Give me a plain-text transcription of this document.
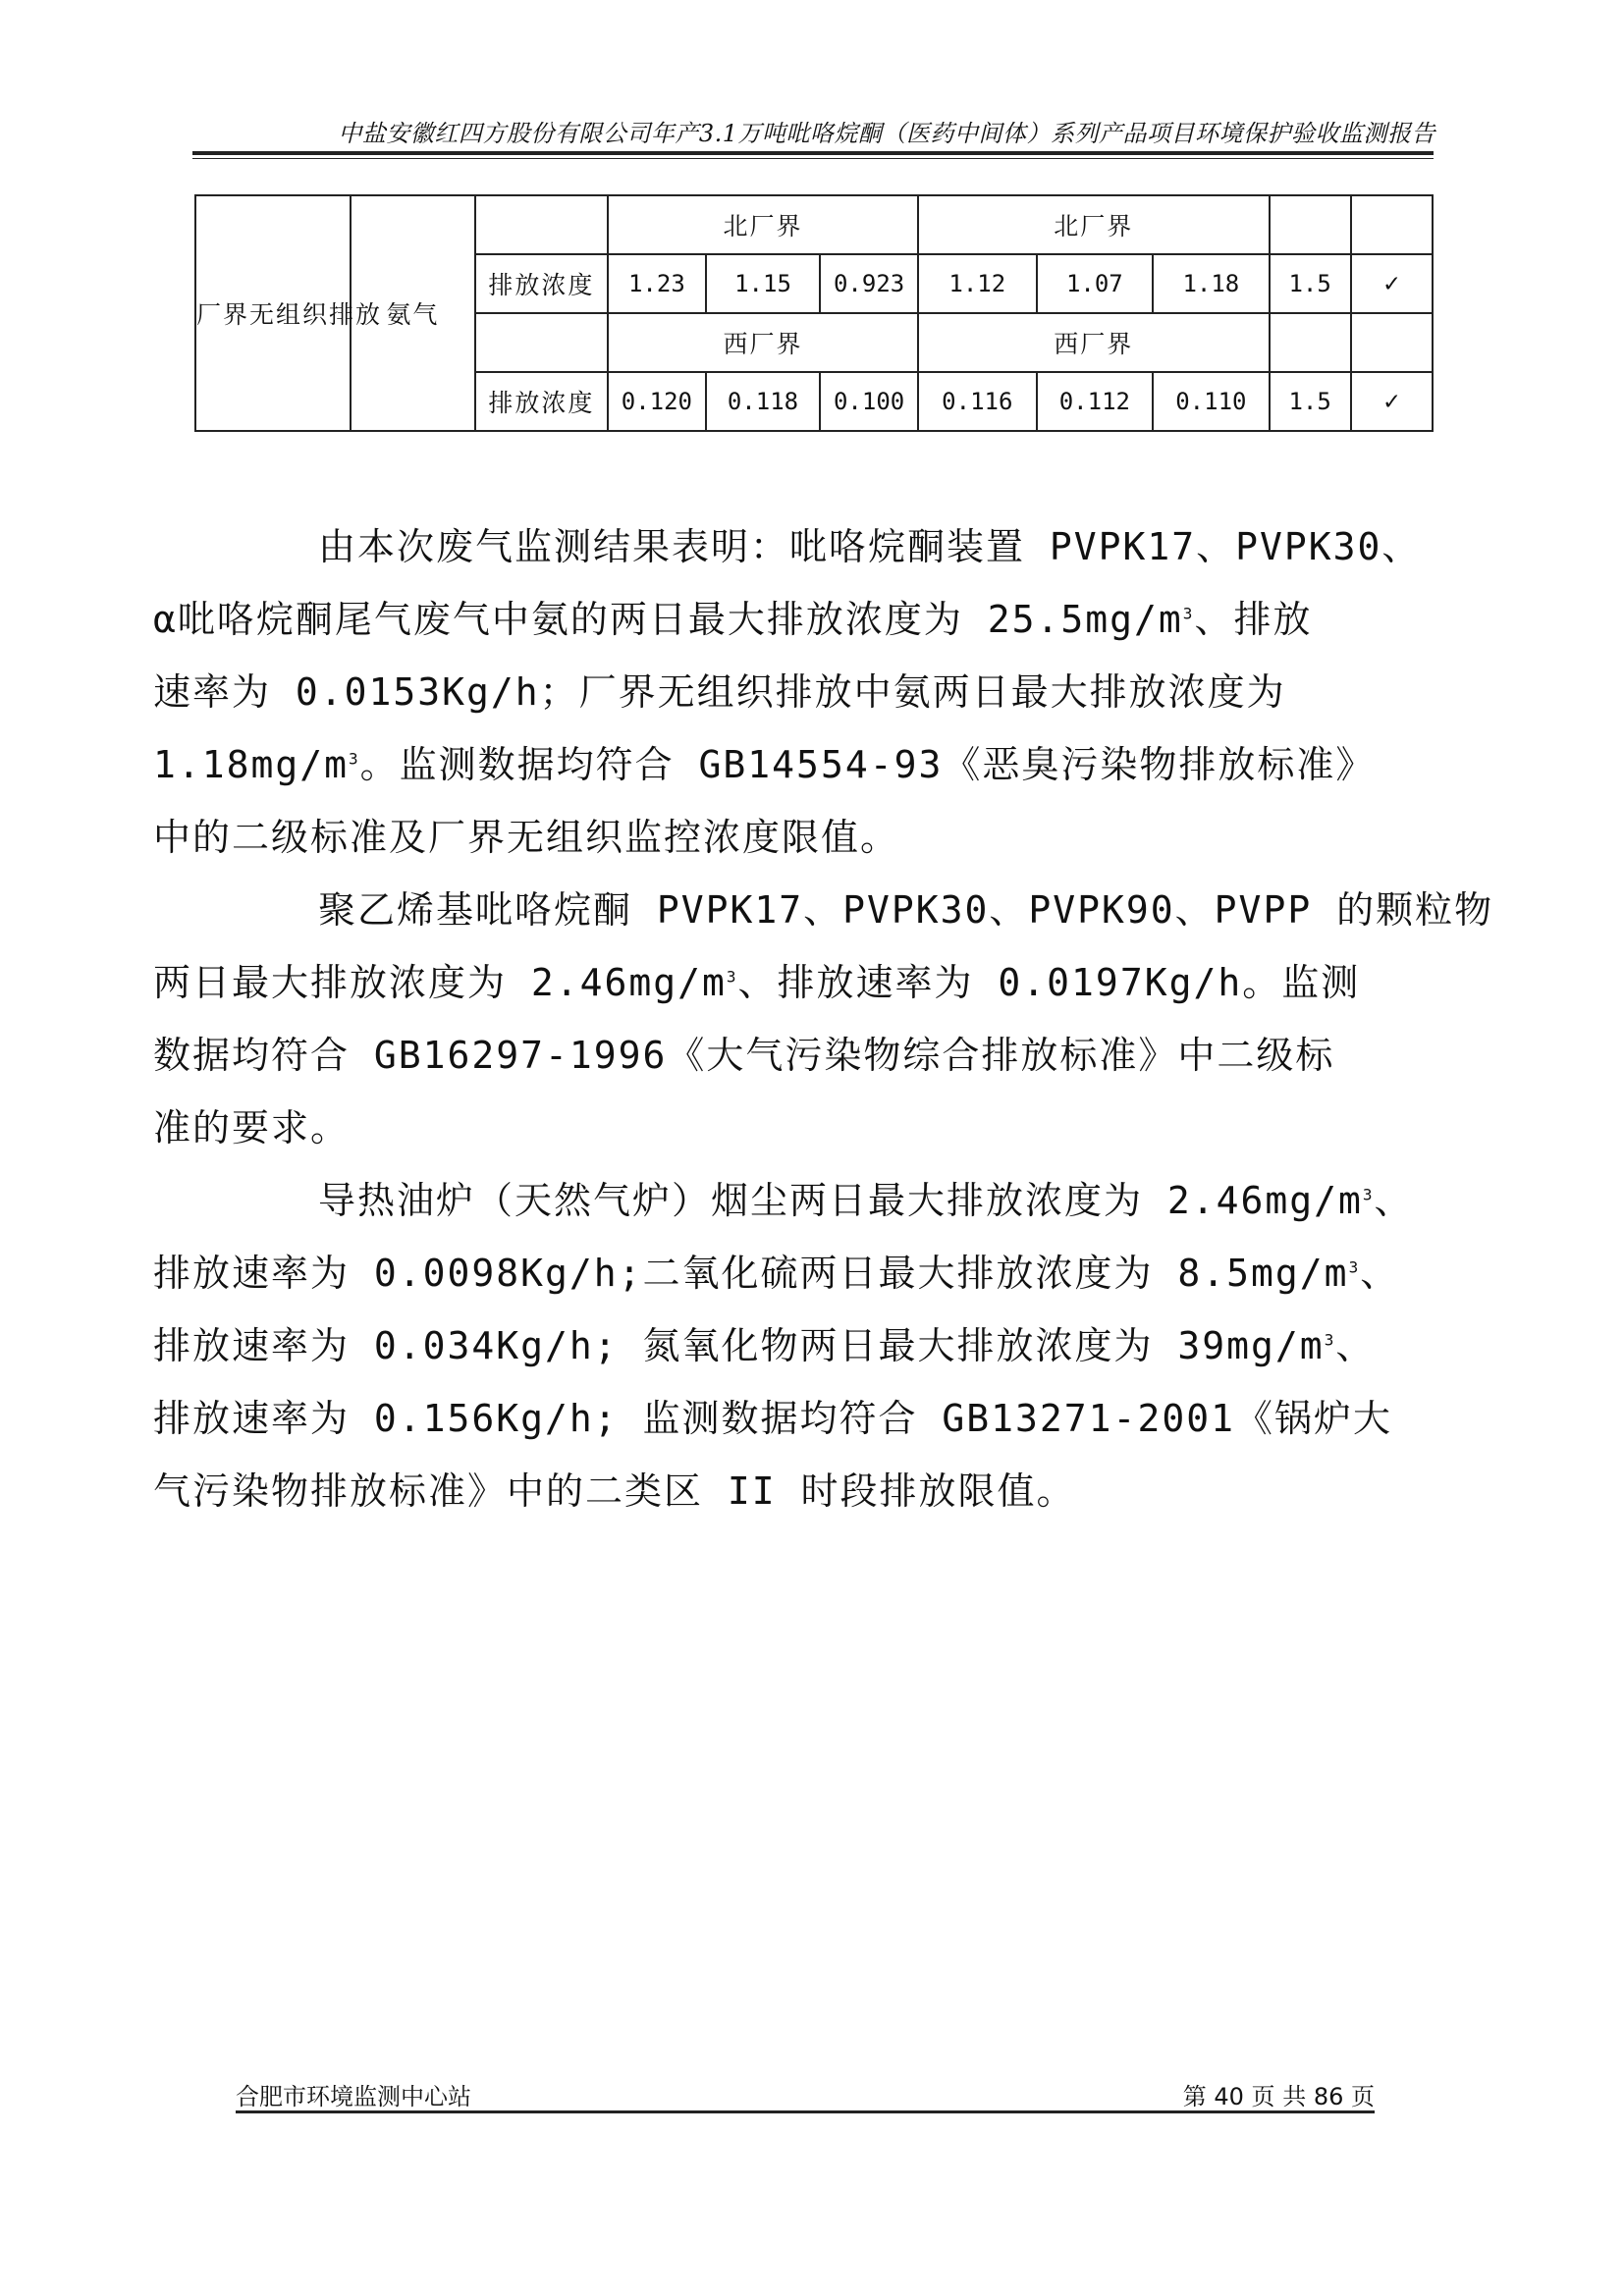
中盐安徽红四方股份有限公司年产3.1万吨吡咯烷酮（医药中间体）系列产品项目环境保护验收监测报告
厂界无组织排放	氨气		北厂界			北厂界				
		排放浓度	1.23	1.15	0.923	1.12	1.07	1.18	1.5	✓
			西厂界			西厂界				
		排放浓度	0.120	0.118	0.100	0.116	0.112	0.110	1.5	✓
由本次废气监测结果表明：吡咯烷酮装置 PVPK17、PVPK30、
α吡咯烷酮尾气废气中氨的两日最大排放浓度为 $25.5mg/m^3$、排放
速率为 0.0153Kg/h；厂界无组织排放中氨两日最大排放浓度为
$1.18mg/m^3$。监测数据均符合 GB14554-93《恶臭污染物排放标准》
中的二级标准及厂界无组织监控浓度限值。
聚乙烯基吡咯烷酮 PVPK17、PVPK30、PVPK90、PVPP 的颗粒物
两日最大排放浓度为 $2.46mg/m^3$、排放速率为 0.0197Kg/h。监测
数据均符合 GB16297-1996《大气污染物综合排放标准》中二级标
准的要求。
导热油炉（天然气炉）烟尘两日最大排放浓度为 $2.46mg/m^3$、
排放速率为 0.0098Kg/h;二氧化硫两日最大排放浓度为 $8.5mg/m^3$、
排放速率为 0.034Kg/h; 氮氧化物两日最大排放浓度为 $39mg/m^3$、
排放速率为 0.156Kg/h; 监测数据均符合 GB13271-2001《锅炉大
气污染物排放标准》中的二类区 II 时段排放限值。
合肥市环境监测中心站	第 40 页 共 86 页
